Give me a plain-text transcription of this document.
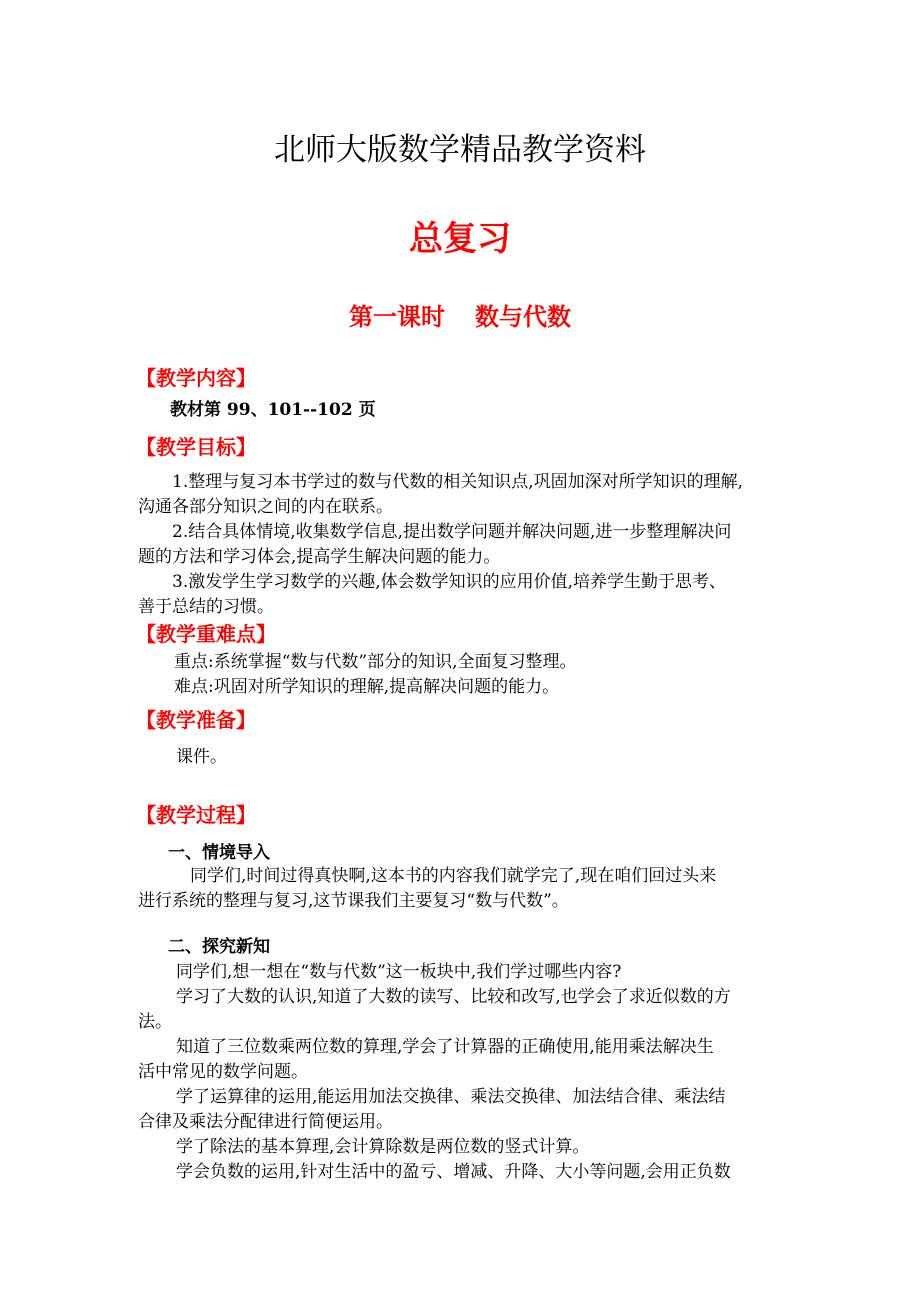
北师大版数学精品教学资料
总复习
第一课时 数与代数
【教学内容】
教材第 99、101--102 页
【教学目标】
1.整理与复习本书学过的数与代数的相关知识点,巩固加深对所学知识的理解,
沟通各部分知识之间的内在联系。
2.结合具体情境,收集数学信息,提出数学问题并解决问题,进一步整理解决问
题的方法和学习体会,提高学生解决问题的能力。
3.激发学生学习数学的兴趣,体会数学知识的应用价值,培养学生勤于思考、
善于总结的习惯。
【教学重难点】
重点:系统掌握“数与代数”部分的知识,全面复习整理。
难点:巩固对所学知识的理解,提高解决问题的能力。
【教学准备】
课件。
【教学过程】
一、情境导入
同学们,时间过得真快啊,这本书的内容我们就学完了,现在咱们回过头来
进行系统的整理与复习,这节课我们主要复习“数与代数”。
二、探究新知
同学们,想一想在“数与代数”这一板块中,我们学过哪些内容?
学习了大数的认识,知道了大数的读写、比较和改写,也学会了求近似数的方
法。
知道了三位数乘两位数的算理,学会了计算器的正确使用,能用乘法解决生
活中常见的数学问题。
学了运算律的运用,能运用加法交换律、乘法交换律、加法结合律、乘法结
合律及乘法分配律进行简便运用。
学了除法的基本算理,会计算除数是两位数的竖式计算。
学会负数的运用,针对生活中的盈亏、增减、升降、大小等问题,会用正负数
